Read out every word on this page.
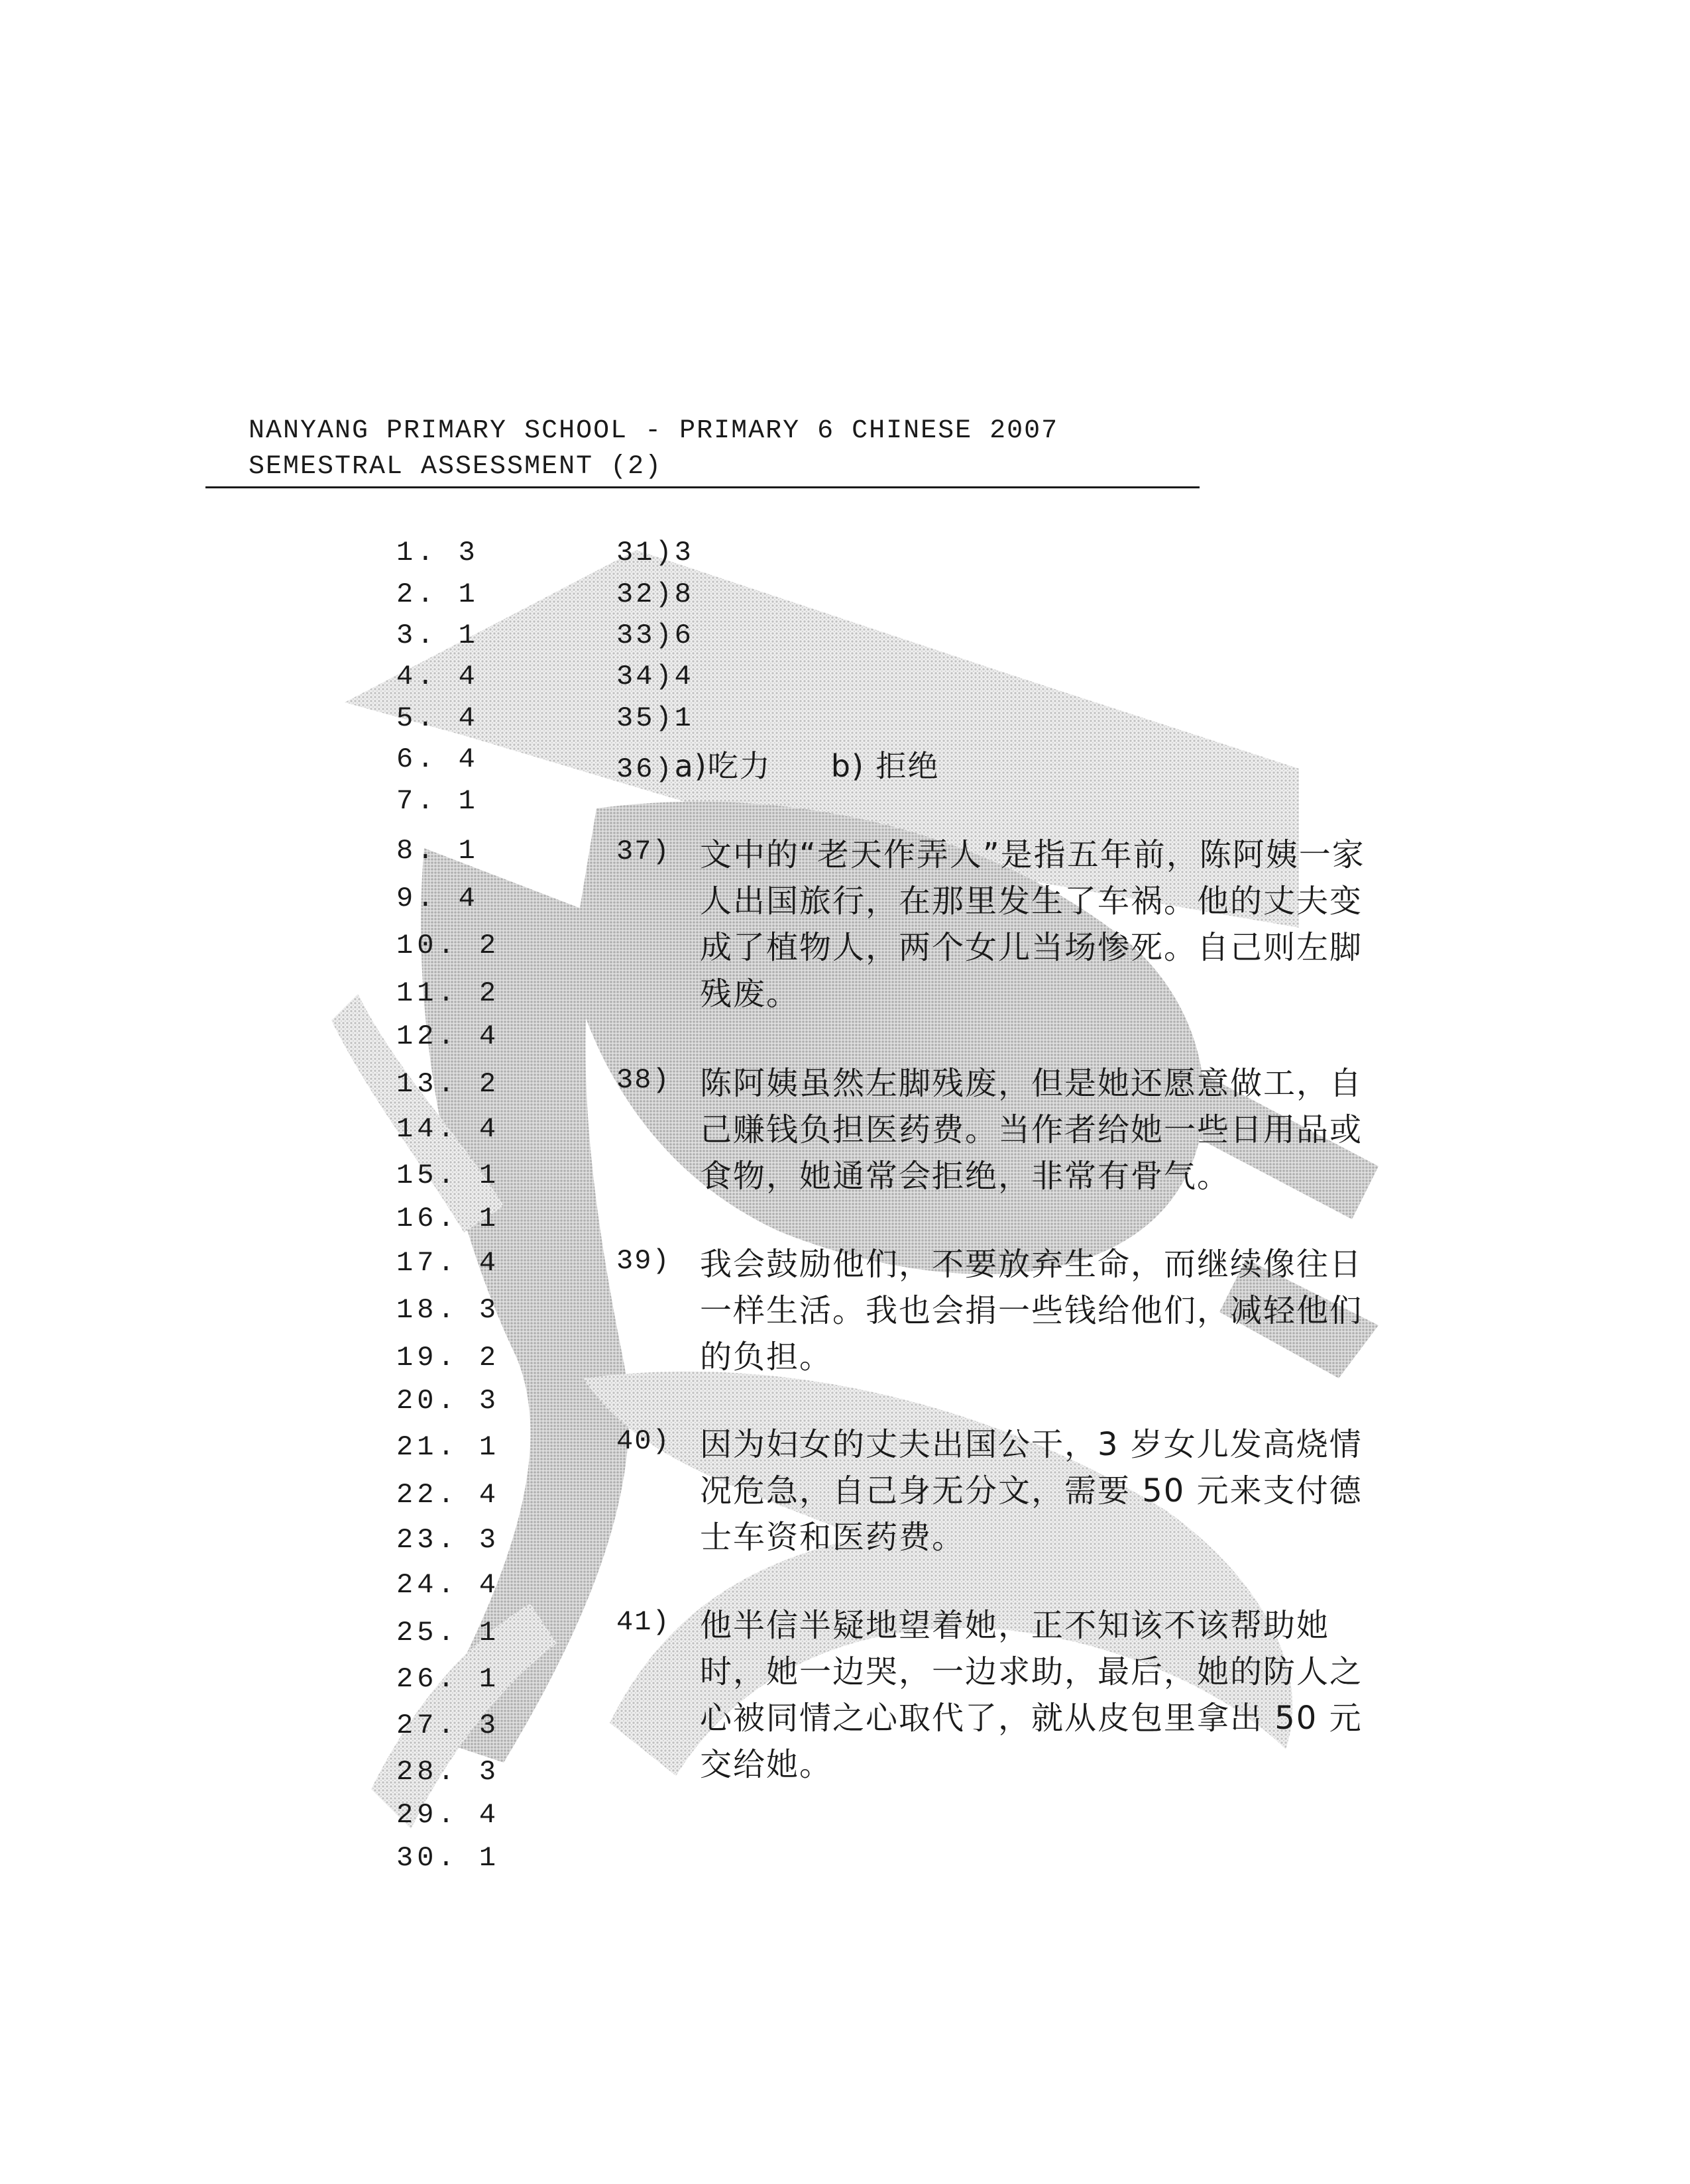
NANYANG PRIMARY SCHOOL - PRIMARY 6 CHINESE 2007
SEMESTRAL ASSESSMENT (2)
1. 3
2. 1
3. 1
4. 4
5. 4
6. 4
7. 1
8. 1
9. 4
10. 2
11. 2
12. 4
13. 2
14. 4
15. 1
16. 1
17. 4
18. 3
19. 2
20. 3
21. 1
22. 4
23. 3
24. 4
25. 1
26. 1
27. 3
28. 3
29. 4
30. 1
31)3
32)8
33)6
34)4
35)1
36)a)吃力 b) 拒绝
37) 文中的“老天作弄人”是指五年前，陈阿姨一家人出国旅行，在那里发生了车祸。他的丈夫变成了植物人，两个女儿当场惨死。自己则左脚残废。
38) 陈阿姨虽然左脚残废，但是她还愿意做工，自己赚钱负担医药费。当作者给她一些日用品或食物，她通常会拒绝，非常有骨气。
39) 我会鼓励他们，不要放弃生命，而继续像往日一样生活。我也会捐一些钱给他们，减轻他们的负担。
40) 因为妇女的丈夫出国公干，3 岁女儿发高烧情况危急，自己身无分文，需要 50 元来支付德士车资和医药费。
41) 他半信半疑地望着她，正不知该不该帮助她时，她一边哭，一边求助，最后，她的防人之心被同情之心取代了，就从皮包里拿出 50 元交给她。
